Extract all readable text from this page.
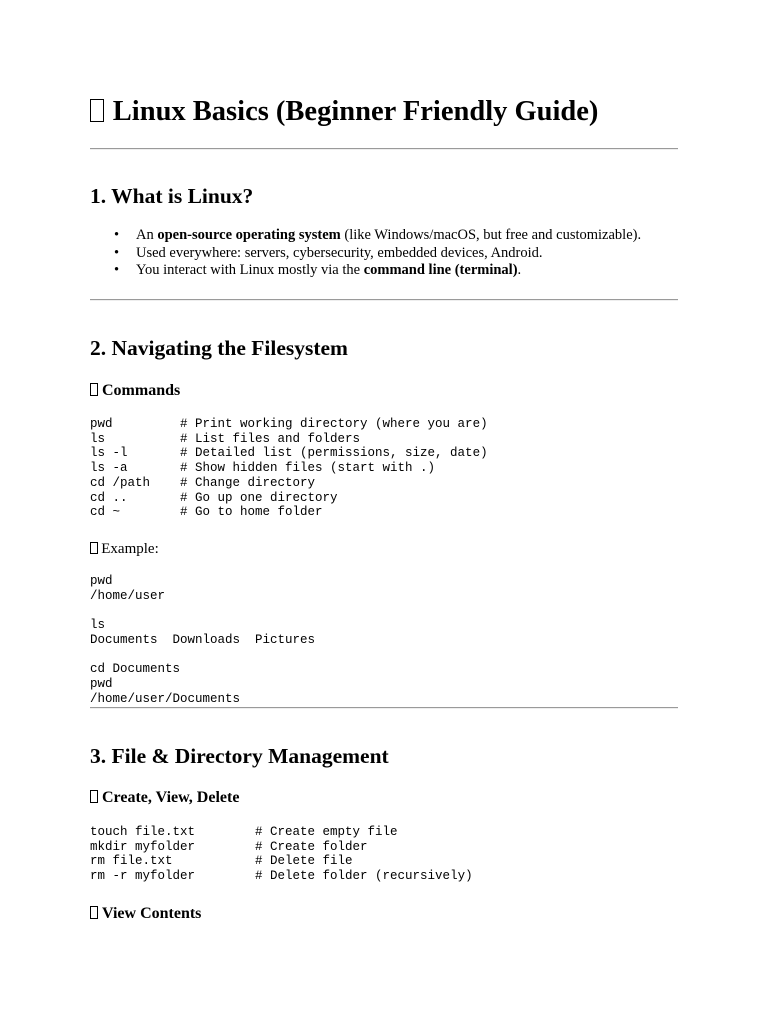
Linux Basics (Beginner Friendly Guide)
1. What is Linux?
• An open-source operating system (like Windows/macOS, but free and customizable).
• Used everywhere: servers, cybersecurity, embedded devices, Android.
• You interact with Linux mostly via the command line (terminal).
2. Navigating the Filesystem
Commands
pwd         # Print working directory (where you are)
ls          # List files and folders
ls -l       # Detailed list (permissions, size, date)
ls -a       # Show hidden files (start with .)
cd /path    # Change directory
cd ..       # Go up one directory
cd ~        # Go to home folder

Example:

pwd
/home/user

ls
Documents  Downloads  Pictures

cd Documents
pwd
/home/user/Documents
3. File & Directory Management
Create, View, Delete
touch file.txt        # Create empty file
mkdir myfolder        # Create folder
rm file.txt           # Delete file
rm -r myfolder        # Delete folder (recursively)
View Contents
